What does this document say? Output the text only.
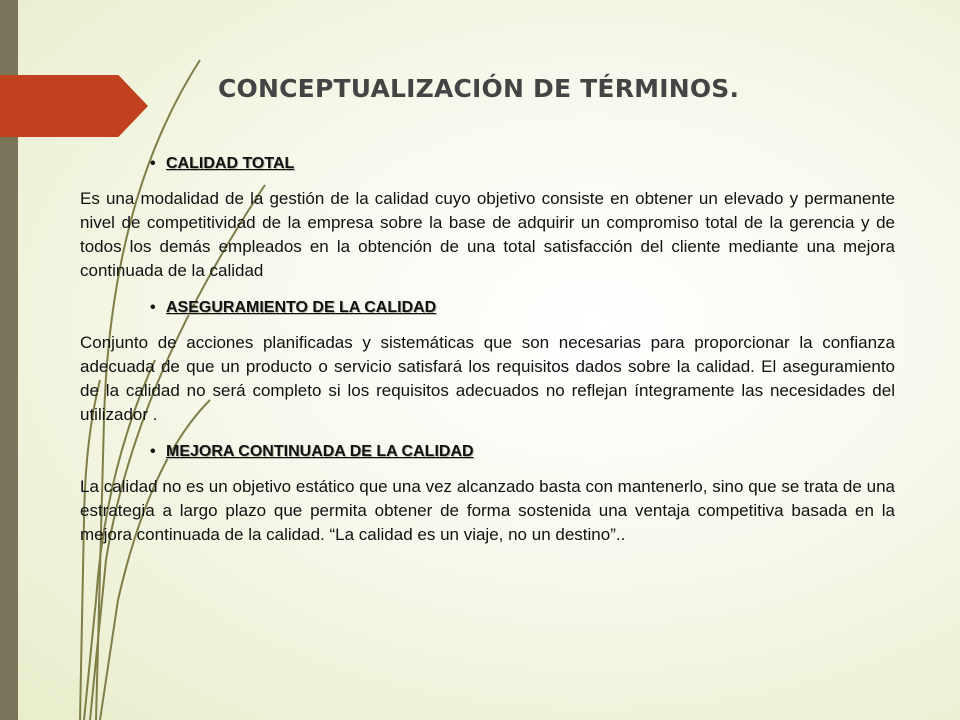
CONCEPTUALIZACIÓN DE TÉRMINOS.
• CALIDAD TOTAL

Es una modalidad de la gestión de la calidad cuyo objetivo consiste en obtener un elevado y permanente nivel de competitividad de la empresa sobre la base de adquirir un compromiso total de la gerencia y de todos los demás empleados en la obtención de una total satisfacción del cliente mediante una mejora continuada de la calidad

• ASEGURAMIENTO DE LA CALIDAD

Conjunto de acciones planificadas y sistemáticas que son necesarias para proporcionar la confianza adecuada de que un producto o servicio satisfará los requisitos dados sobre la calidad. El aseguramiento de la calidad no será completo si los requisitos adecuados no reflejan íntegramente las necesidades del utilizador .

• MEJORA CONTINUADA DE LA CALIDAD

La calidad no es un objetivo estático que una vez alcanzado basta con mantenerlo, sino que se trata de una estrategia a largo plazo que permita obtener de forma sostenida una ventaja competitiva basada en la mejora continuada de la calidad. “La calidad es un viaje, no un destino”..
